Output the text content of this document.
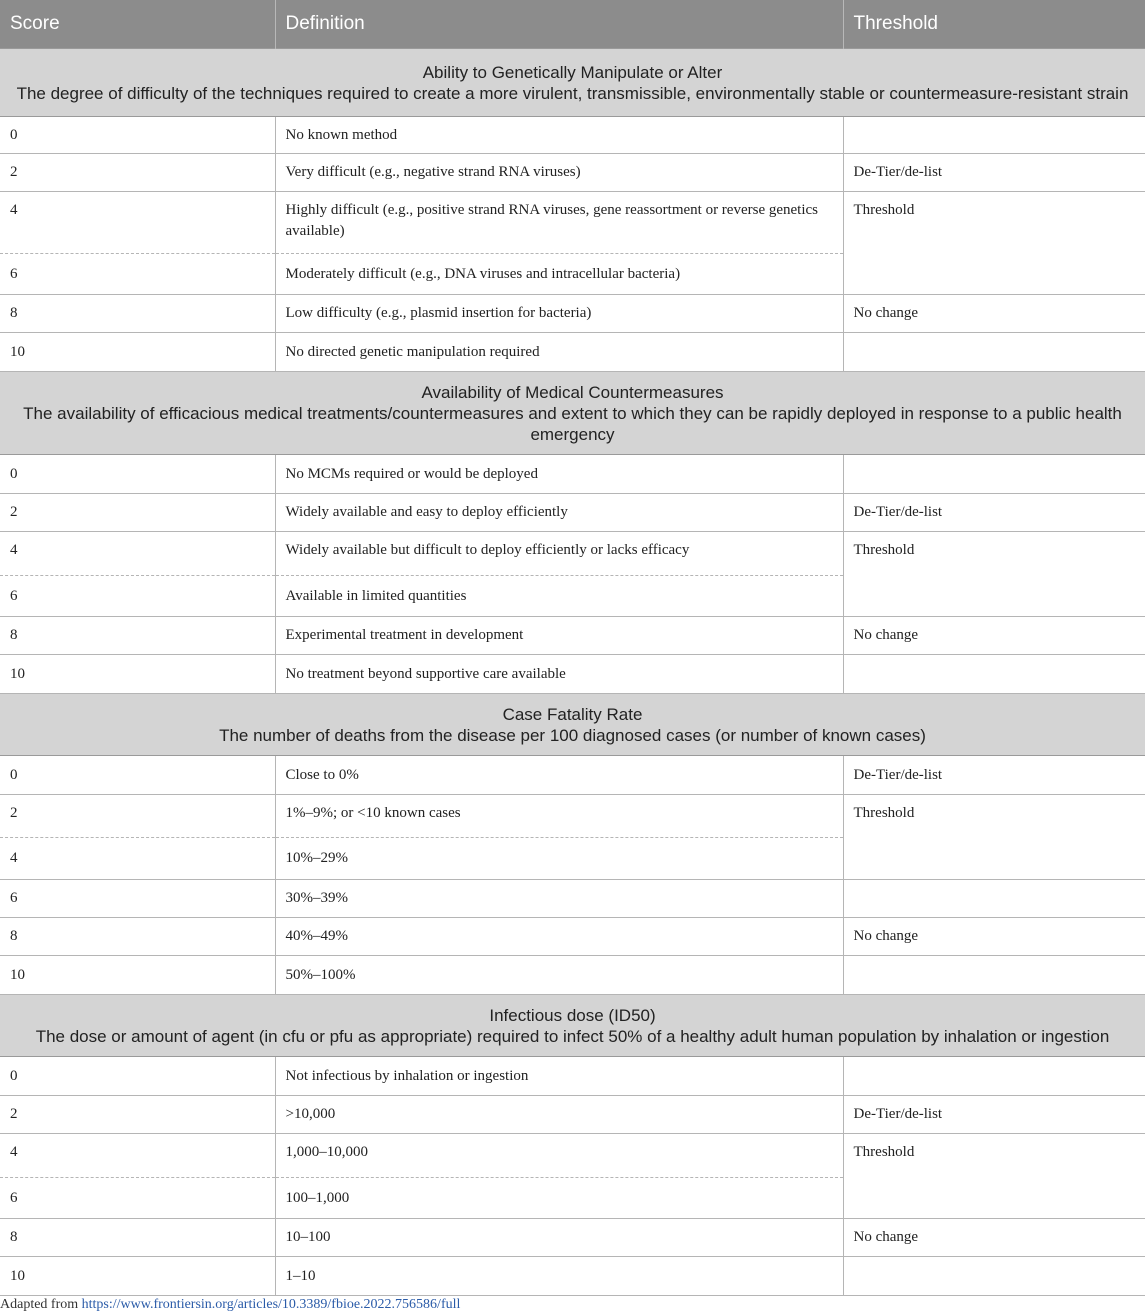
Score	Definition	Threshold

Ability to Genetically Manipulate or Alter
The degree of difficulty of the techniques required to create a more virulent, transmissible, environmentally stable or countermeasure-resistant strain		

0	No known method	
2	Very difficult (e.g., negative strand RNA viruses)	De-Tier/de-list
4	Highly difficult (e.g., positive strand RNA viruses, gene reassortment or reverse genetics available)	Threshold
6	Moderately difficult (e.g., DNA viruses and intracellular bacteria)	
8	Low difficulty (e.g., plasmid insertion for bacteria)	No change
10	No directed genetic manipulation required	

Availability of Medical Countermeasures
The availability of efficacious medical treatments/countermeasures and extent to which they can be rapidly deployed in response to a public health emergency		

0	No MCMs required or would be deployed	
2	Widely available and easy to deploy efficiently	De-Tier/de-list
4	Widely available but difficult to deploy efficiently or lacks efficacy	Threshold
6	Available in limited quantities	
8	Experimental treatment in development	No change
10	No treatment beyond supportive care available	

Case Fatality Rate
The number of deaths from the disease per 100 diagnosed cases (or number of known cases)		

0	Close to 0%	De-Tier/de-list
2	1%–9%; or <10 known cases	Threshold
4	10%–29%	
6	30%–39%	
8	40%–49%	No change
10	50%–100%	

Infectious dose (ID50)
The dose or amount of agent (in cfu or pfu as appropriate) required to infect 50% of a healthy adult human population by inhalation or ingestion		

0	Not infectious by inhalation or ingestion	
2	>10,000	De-Tier/de-list
4	1,000–10,000	Threshold
6	100–1,000	
8	10–100	No change
10	1–10	
Adapted from https://www.frontiersin.org/articles/10.3389/fbioe.2022.756586/full
